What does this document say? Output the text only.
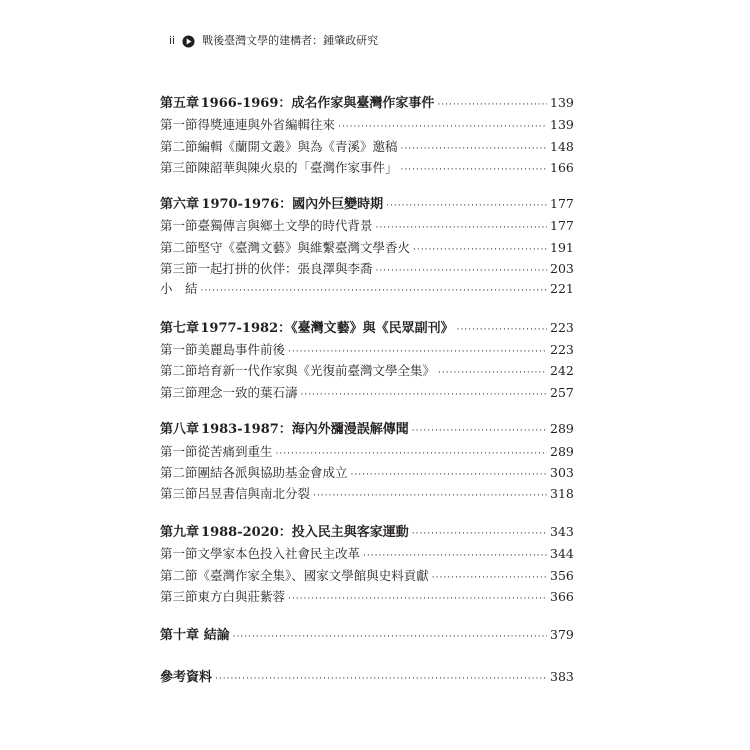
ii 戰後臺灣文學的建構者：鍾肇政研究
第五章 1966-1969：成名作家與臺灣作家事件 ·····	139
第一節 得獎連連與外省編輯往來 ·····	139
第二節 編輯《蘭開文叢》與為《青溪》邀稿 ·····	148
第三節 陳韶華與陳火泉的「臺灣作家事件」 ·····	166
第六章 1970-1976：國內外巨變時期 ·····	177
第一節 臺獨傳言與鄉土文學的時代背景 ·····	177
第二節 堅守《臺灣文藝》與維繫臺灣文學香火 ·····	191
第三節 一起打拼的伙伴：張良澤與李喬 ·····	203
小　結 ·····	221
第七章 1977-1982：《臺灣文藝》與《民眾副刊》 ·····	223
第一節 美麗島事件前後 ·····	223
第二節 培育新一代作家與《光復前臺灣文學全集》 ·····	242
第三節 理念一致的葉石濤 ·····	257
第八章 1983-1987：海內外瀰漫誤解傳聞 ·····	289
第一節 從苦痛到重生 ·····	289
第二節 團結各派與協助基金會成立 ·····	303
第三節 呂昱書信與南北分裂 ·····	318
第九章 1988-2020：投入民主與客家運動 ·····	343
第一節 文學家本色投入社會民主改革 ·····	344
第二節 《臺灣作家全集》、國家文學館與史料貢獻 ·····	356
第三節 東方白與莊紫蓉 ·····	366
第十章 結論 ·····	379
參考資料 ·····	383
